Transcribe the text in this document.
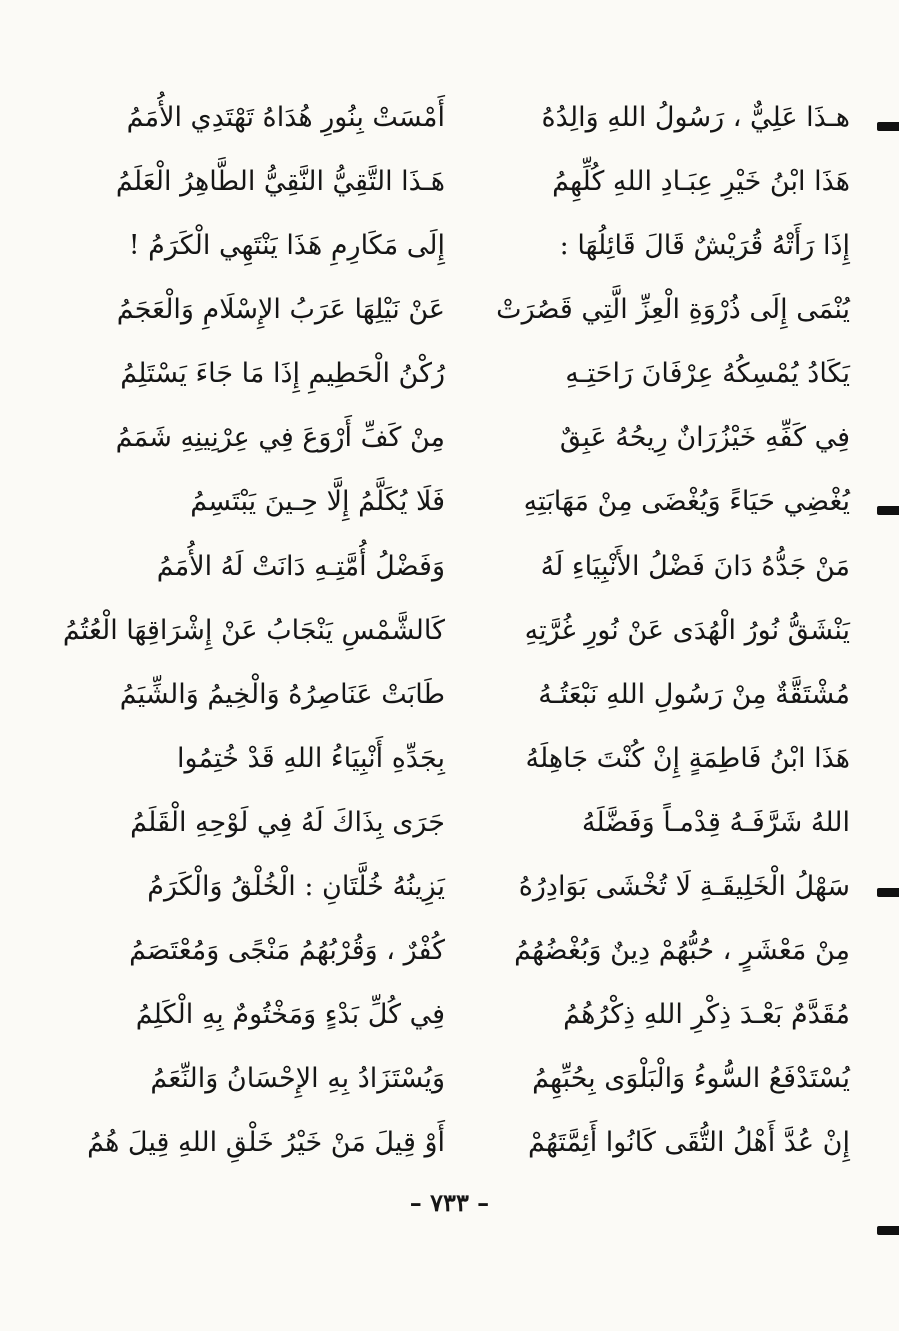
هـذَا عَلِيٌّ ، رَسُولُ اللهِ وَالِدُهُ
أَمْسَتْ بِنُورِ هُدَاهُ تَهْتَدِي الأُمَمُ
هَذَا ابْنُ خَيْرِ عِبَـادِ اللهِ كُلِّهِمُ
هَـذَا التَّقِيُّ النَّقِيُّ الطَّاهِرُ الْعَلَمُ
إِذَا رَأَتْهُ قُرَيْشٌ قَالَ قَائِلُهَا :
إِلَى مَكَارِمِ هَذَا يَنْتَهِي الْكَرَمُ !
يُنْمَى إِلَى ذُرْوَةِ الْعِزِّ الَّتِي قَصُرَتْ
عَنْ نَيْلِهَا عَرَبُ الإِسْلَامِ وَالْعَجَمُ
يَكَادُ يُمْسِكُهُ عِرْفَانَ رَاحَتِـهِ
رُكْنُ الْحَطِيمِ إِذَا مَا جَاءَ يَسْتَلِمُ
فِي كَفِّهِ خَيْزُرَانٌ رِيحُهُ عَبِقٌ
مِنْ كَفِّ أَرْوَعَ فِي عِرْنِينِهِ شَمَمُ
يُغْضِي حَيَاءً وَيُغْضَى مِنْ مَهَابَتِهِ
فَلَا يُكَلَّمُ إِلَّا حِـينَ يَبْتَسِمُ
مَنْ جَدُّهُ دَانَ فَضْلُ الأَنْبِيَاءِ لَهُ
وَفَضْلُ أُمَّتِـهِ دَانَتْ لَهُ الأُمَمُ
يَنْشَقُّ نُورُ الْهُدَى عَنْ نُورِ غُرَّتِهِ
كَالشَّمْسِ يَنْجَابُ عَنْ إِشْرَاقِهَا الْعُتُمُ
مُشْتَقَّةٌ مِنْ رَسُولِ اللهِ نَبْعَتُـهُ
طَابَتْ عَنَاصِرُهُ وَالْخِيمُ وَالشِّيَمُ
هَذَا ابْنُ فَاطِمَةٍ إِنْ كُنْتَ جَاهِلَهُ
بِجَدِّهِ أَنْبِيَاءُ اللهِ قَدْ خُتِمُوا
اللهُ شَرَّفَـهُ قِدْمـاً وَفَضَّلَهُ
جَرَى بِذَاكَ لَهُ فِي لَوْحِهِ الْقَلَمُ
سَهْلُ الْخَلِيقَـةِ لَا تُخْشَى بَوَادِرُهُ
يَزِينُهُ خُلَّتَانِ : الْخُلْقُ وَالْكَرَمُ
مِنْ مَعْشَرٍ ، حُبُّهُمْ دِينٌ وَبُغْضُهُمُ
كُفْرٌ ، وَقُرْبُهُمُ مَنْجًى وَمُعْتَصَمُ
مُقَدَّمٌ بَعْـدَ ذِكْرِ اللهِ ذِكْرُهُمُ
فِي كُلِّ بَدْءٍ وَمَخْتُومٌ بِهِ الْكَلِمُ
يُسْتَدْفَعُ السُّوءُ وَالْبَلْوَى بِحُبِّهِمُ
وَيُسْتَزَادُ بِهِ الإِحْسَانُ وَالنِّعَمُ
إِنْ عُدَّ أَهْلُ التُّقَى كَانُوا أَئِمَّتَهُمْ
أَوْ قِيلَ مَنْ خَيْرُ خَلْقِ اللهِ قِيلَ هُمُ
– ٧٣٣ –
